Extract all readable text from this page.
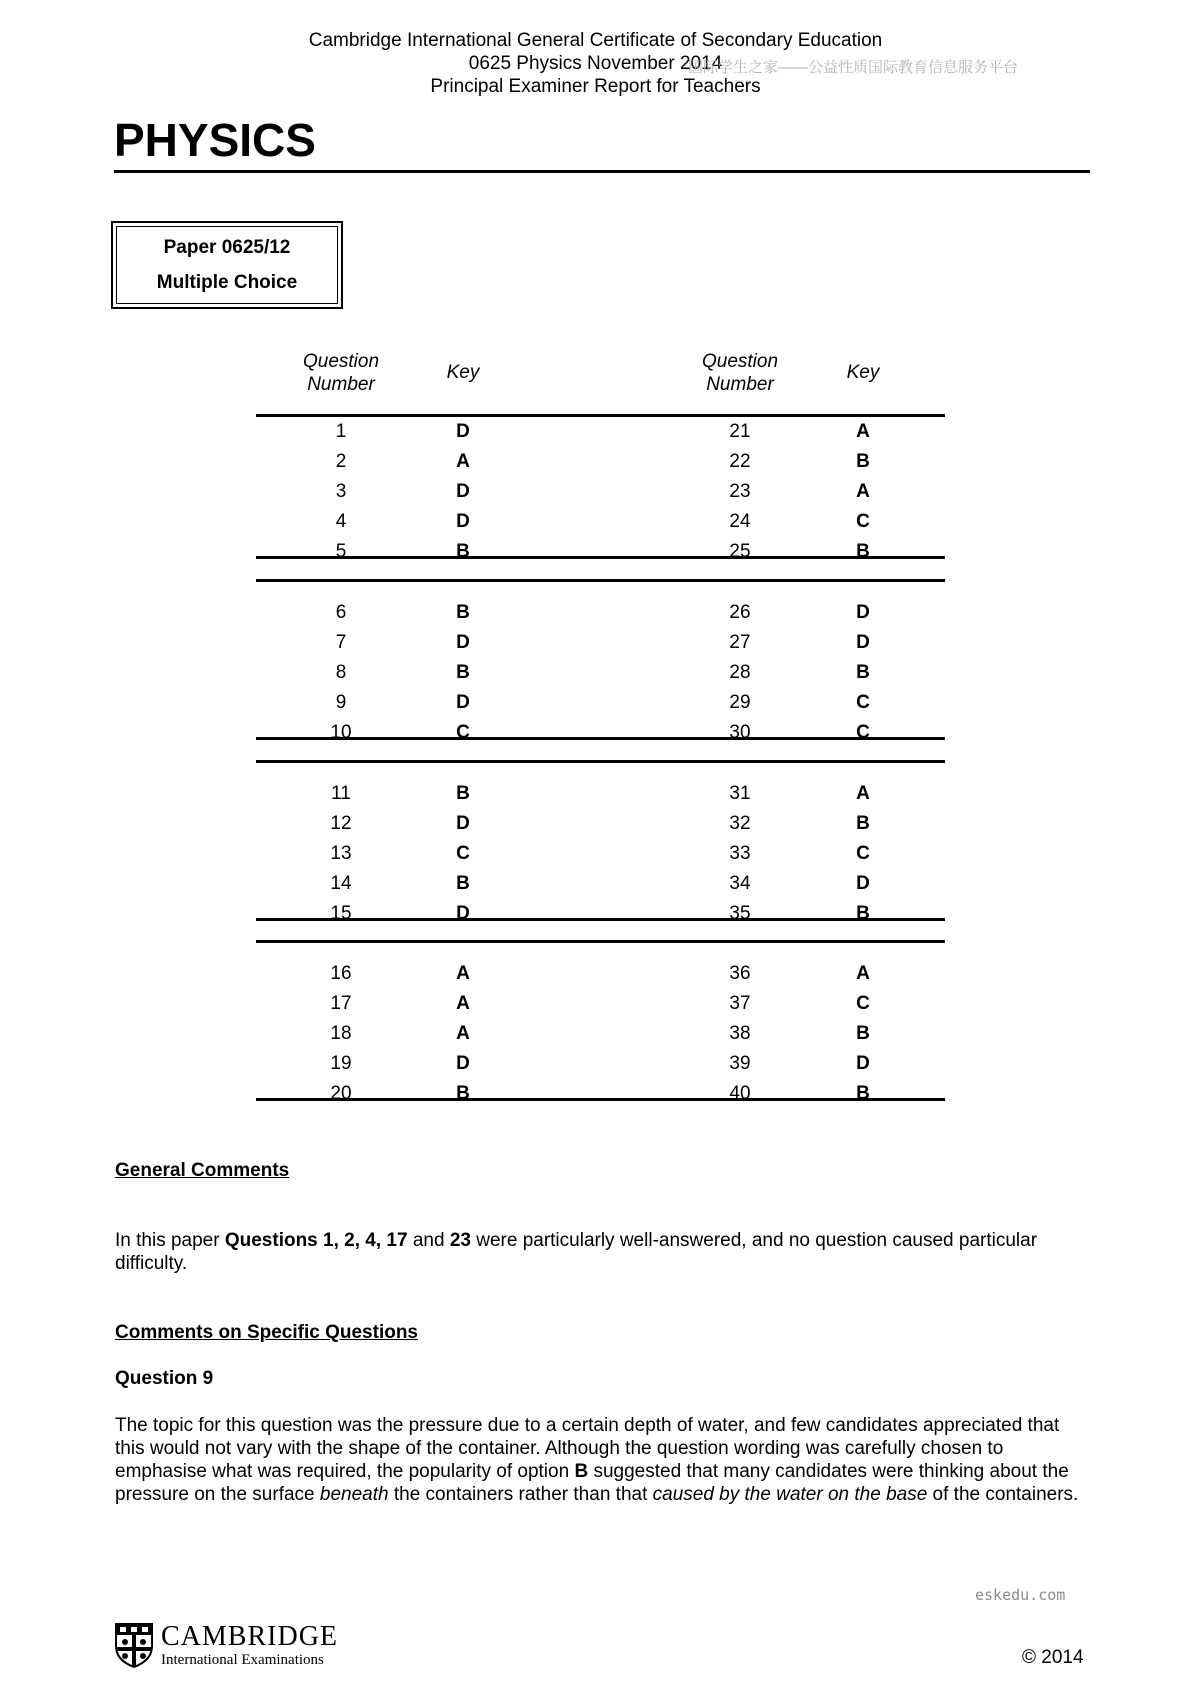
Cambridge International General Certificate of Secondary Education
0625 Physics November 2014
Principal Examiner Report for Teachers
国际学生之家——公益性质国际教育信息服务平台
PHYSICS
Paper 0625/12
Multiple Choice
Question
Number
Key
Question
Number
Key
1	D	21	A
2	A	22	B
3	D	23	A
4	D	24	C
5	B	25	B
6	B	26	D
7	D	27	D
8	B	28	B
9	D	29	C
10	C	30	C
11	B	31	A
12	D	32	B
13	C	33	C
14	B	34	D
15	D	35	B
16	A	36	A
17	A	37	C
18	A	38	B
19	D	39	D
20	B	40	B
General Comments
In this paper Questions 1, 2, 4, 17 and 23 were particularly well-answered, and no question caused particular difficulty.
Comments on Specific Questions
Question 9
The topic for this question was the pressure due to a certain depth of water, and few candidates appreciated that this would not vary with the shape of the container. Although the question wording was carefully chosen to emphasise what was required, the popularity of option B suggested that many candidates were thinking about the pressure on the surface beneath the containers rather than that caused by the water on the base of the containers.
eskedu.com
CAMBRIDGE
International Examinations	© 2014
